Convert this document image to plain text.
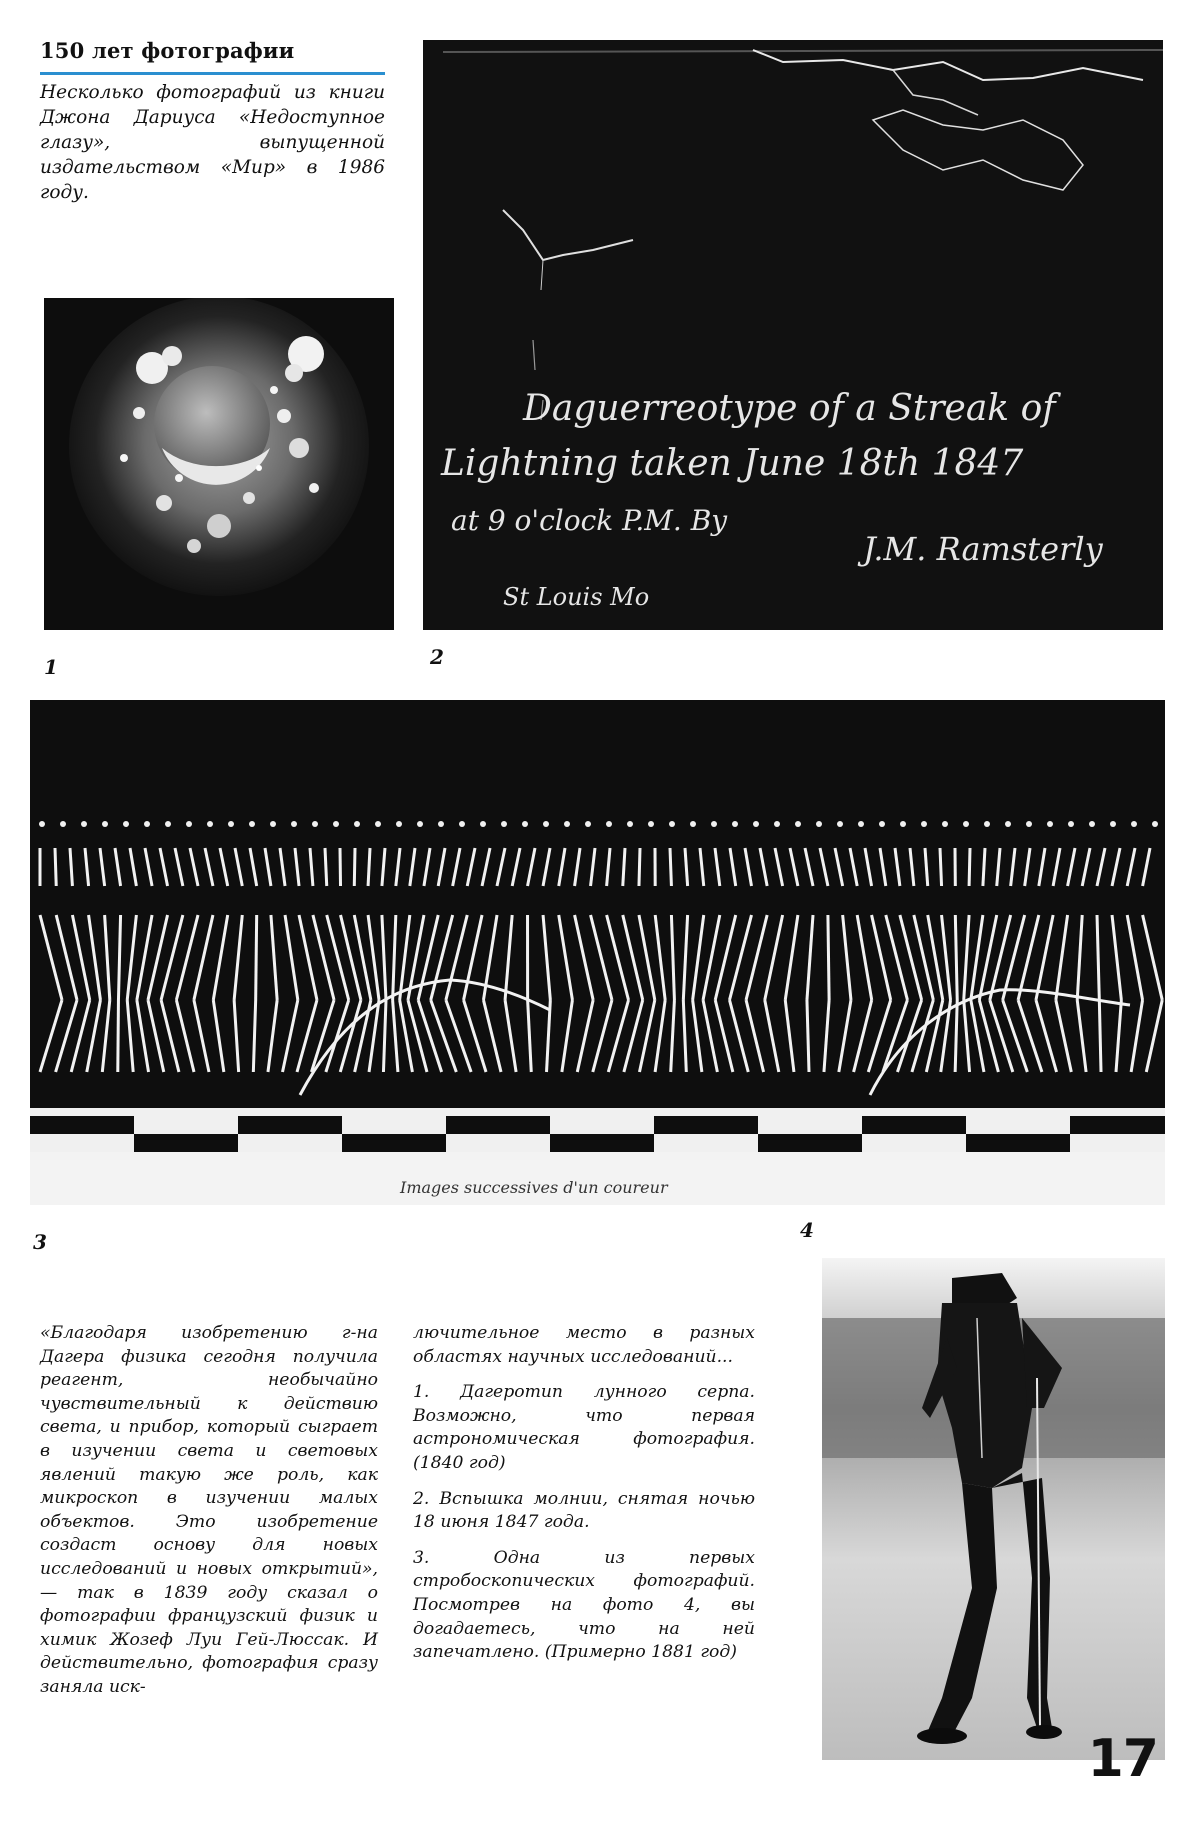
150 лет фотографии
Несколько фотографий из книги Джона Дариуса «Недоступное глазу», выпущенной издательством «Мир» в 1986 году.
1
Daguerreotype of a Streak of
Lightning taken June 18th 1847
at 9 o'clock P.M. By
J.M. Ramsterly
St Louis Mo
2
Images successives d'un coureur
3	4

«Благодаря изобретению г-на Дагера физика сегодня получила реагент, необычайно чувствительный к действию света, и прибор, который сыграет в изучении света и световых явлений такую же роль, как микроскоп в изучении малых объектов. Это изобретение создаст основу для новых исследований и новых открытий»,— так в 1839 году сказал о фотографии французский физик и химик Жозеф Луи Гей-Люссак. И действительно, фотография сразу заняла иск-

лючительное место в разных областях научных исследований...

1. Дагеротип лунного серпа. Возможно, что первая астрономическая фотография. (1840 год)

2. Вспышка молнии, снятая ночью 18 июня 1847 года.

3. Одна из первых стробоскопических фотографий. Посмотрев на фото 4, вы догадаетесь, что на ней запечатлено. (Примерно 1881 год)

17
